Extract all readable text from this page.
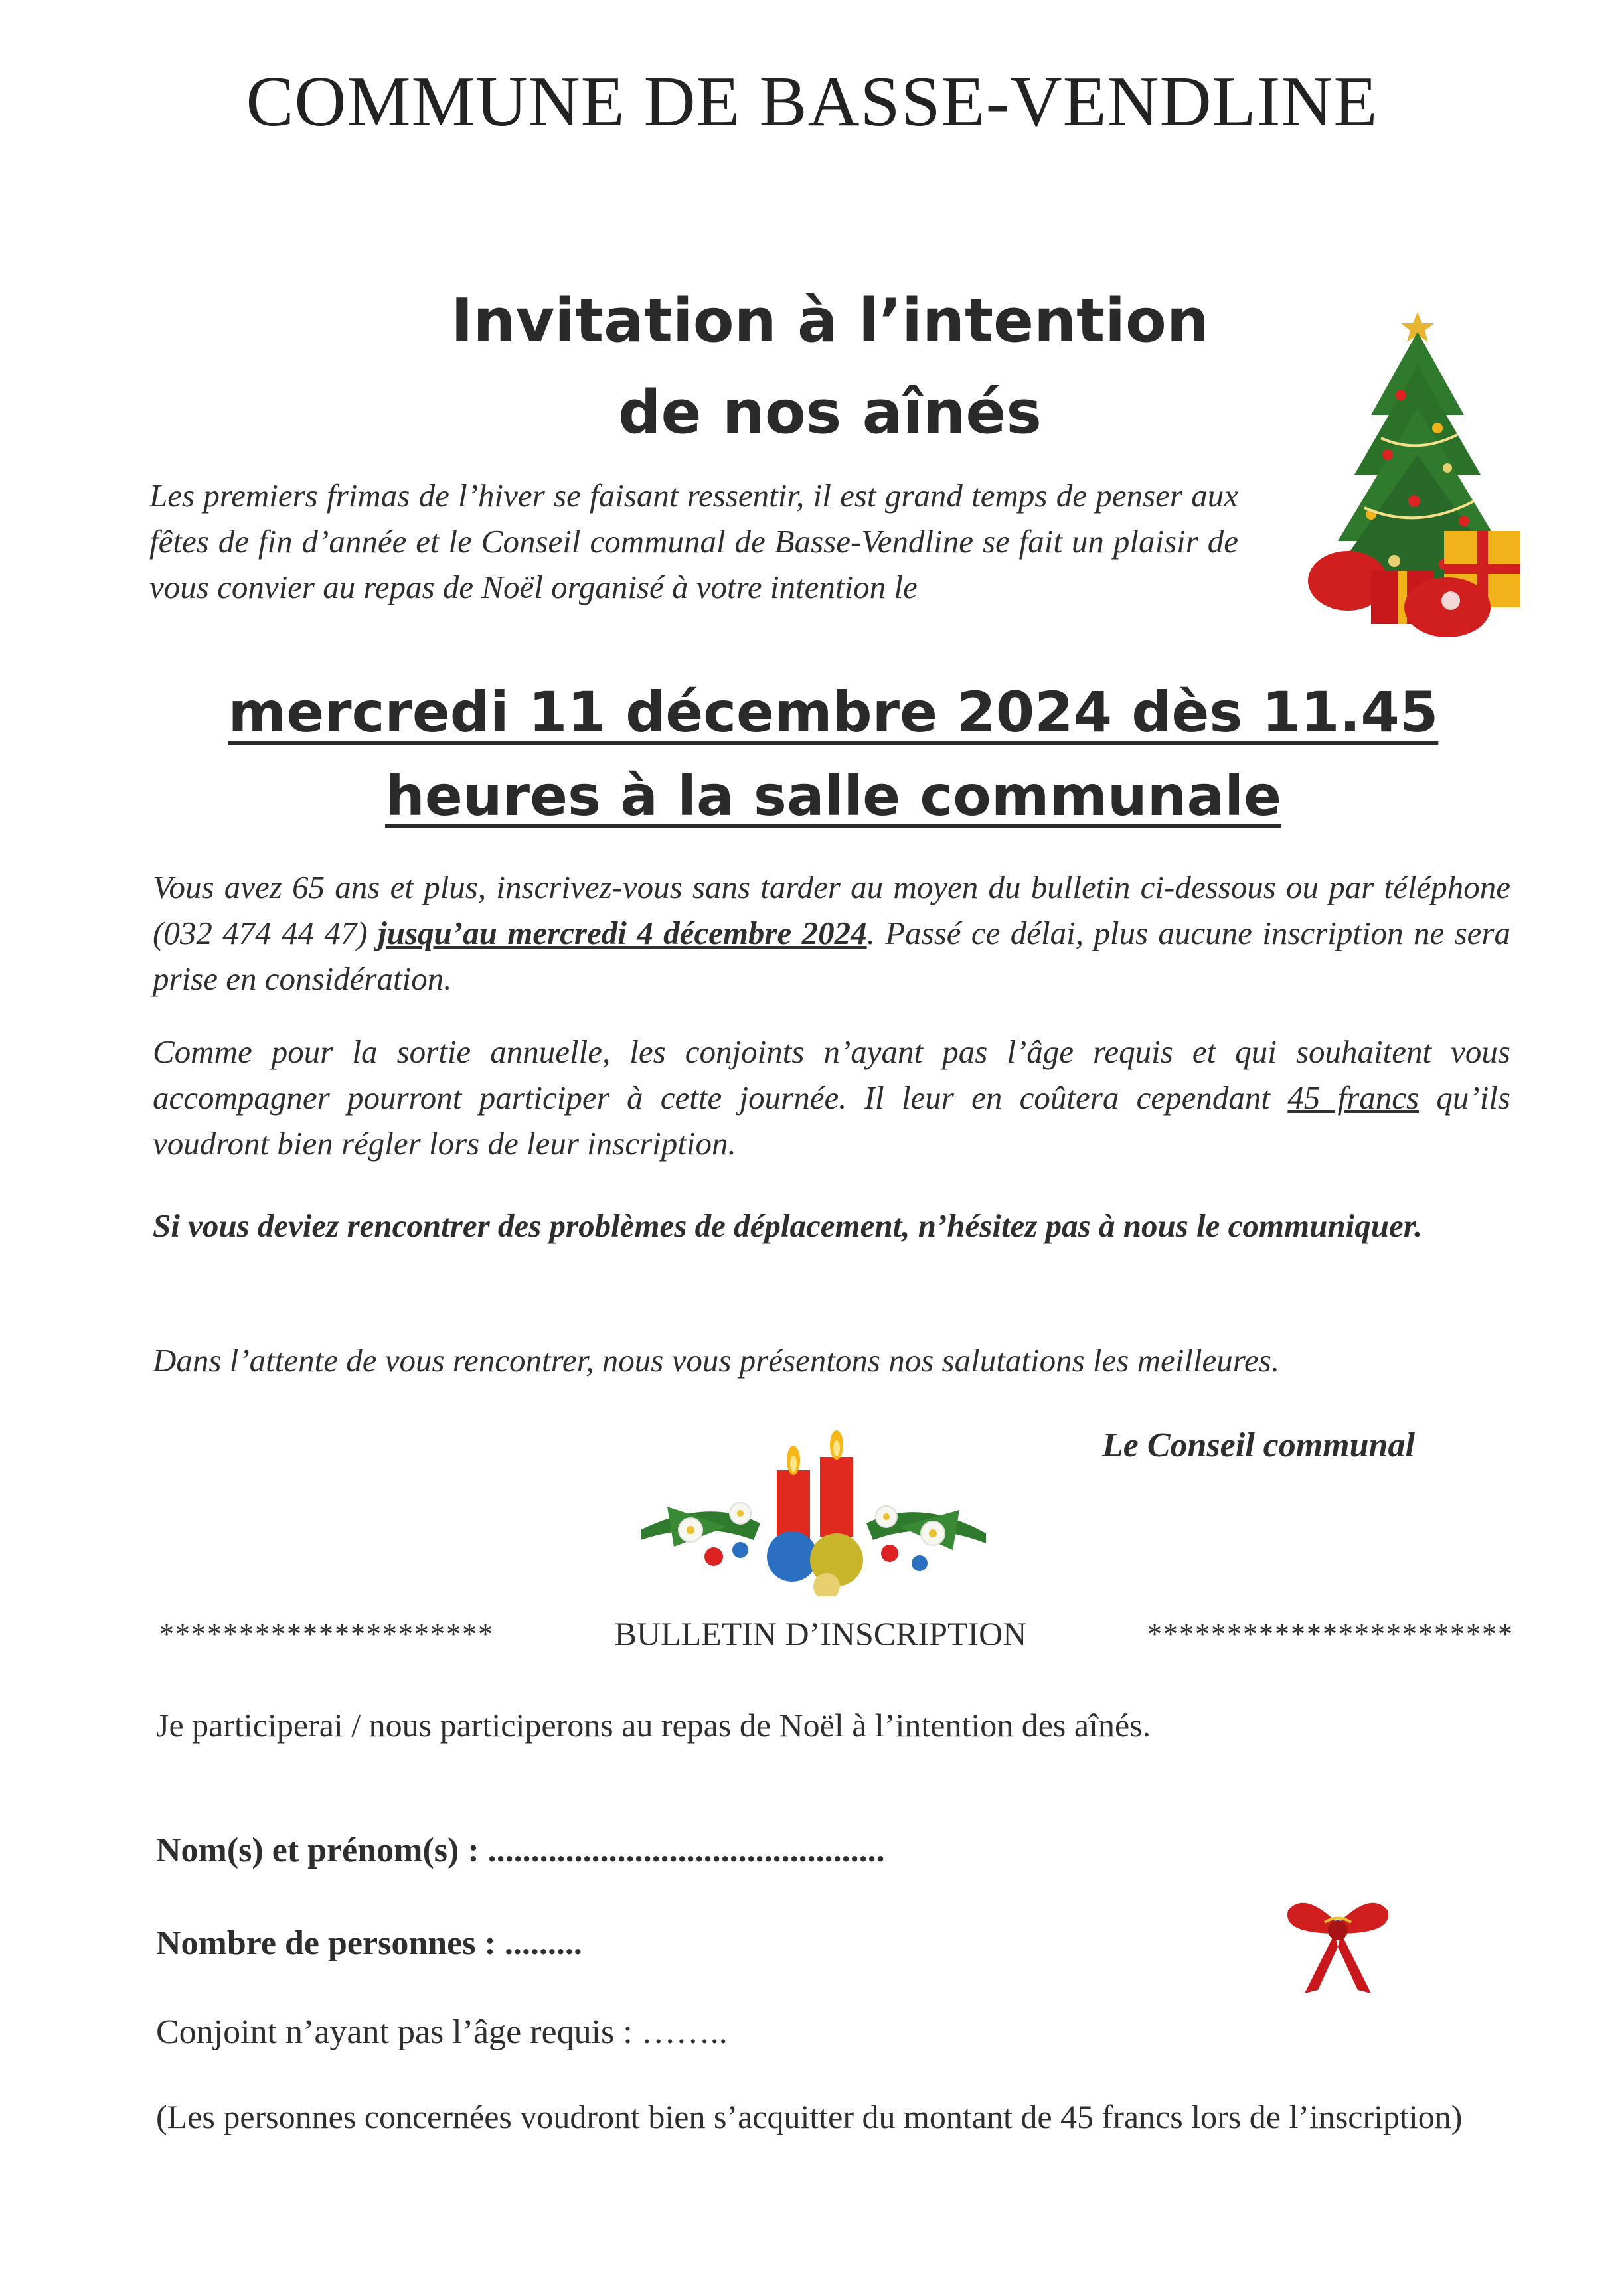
COMMUNE DE BASSE-VENDLINE
Invitation à l’intention
de nos aînés
Les premiers frimas de l’hiver se faisant ressentir, il est grand temps de penser aux fêtes de fin d’année et le Conseil communal de Basse-Vendline se fait un plaisir de vous convier au repas de Noël organisé à votre intention le
mercredi 11 décembre 2024 dès 11.45
heures à la salle communale
Vous avez 65 ans et plus, inscrivez-vous sans tarder au moyen du bulletin ci-dessous ou par téléphone (032 474 44 47) jusqu’au mercredi 4 décembre 2024. Passé ce délai, plus aucune inscription ne sera prise en considération.
Comme pour la sortie annuelle, les conjoints n’ayant pas l’âge requis et qui souhaitent vous accompagner pourront participer à cette journée. Il leur en coûtera cependant 45 francs qu’ils voudront bien régler lors de leur inscription.
Si vous deviez rencontrer des problèmes de déplacement, n’hésitez pas à nous le communiquer.
Dans l’attente de vous rencontrer, nous vous présentons nos salutations les meilleures.
Le Conseil communal
*********************	BULLETIN D’INSCRIPTION	***********************
Je participerai / nous participerons au repas de Noël à l’intention des aînés.
Nom(s) et prénom(s) : ..............................................
Nombre de personnes : .........
Conjoint n’ayant pas l’âge requis : ……..
(Les personnes concernées voudront bien s’acquitter du montant de 45 francs lors de l’inscription)
